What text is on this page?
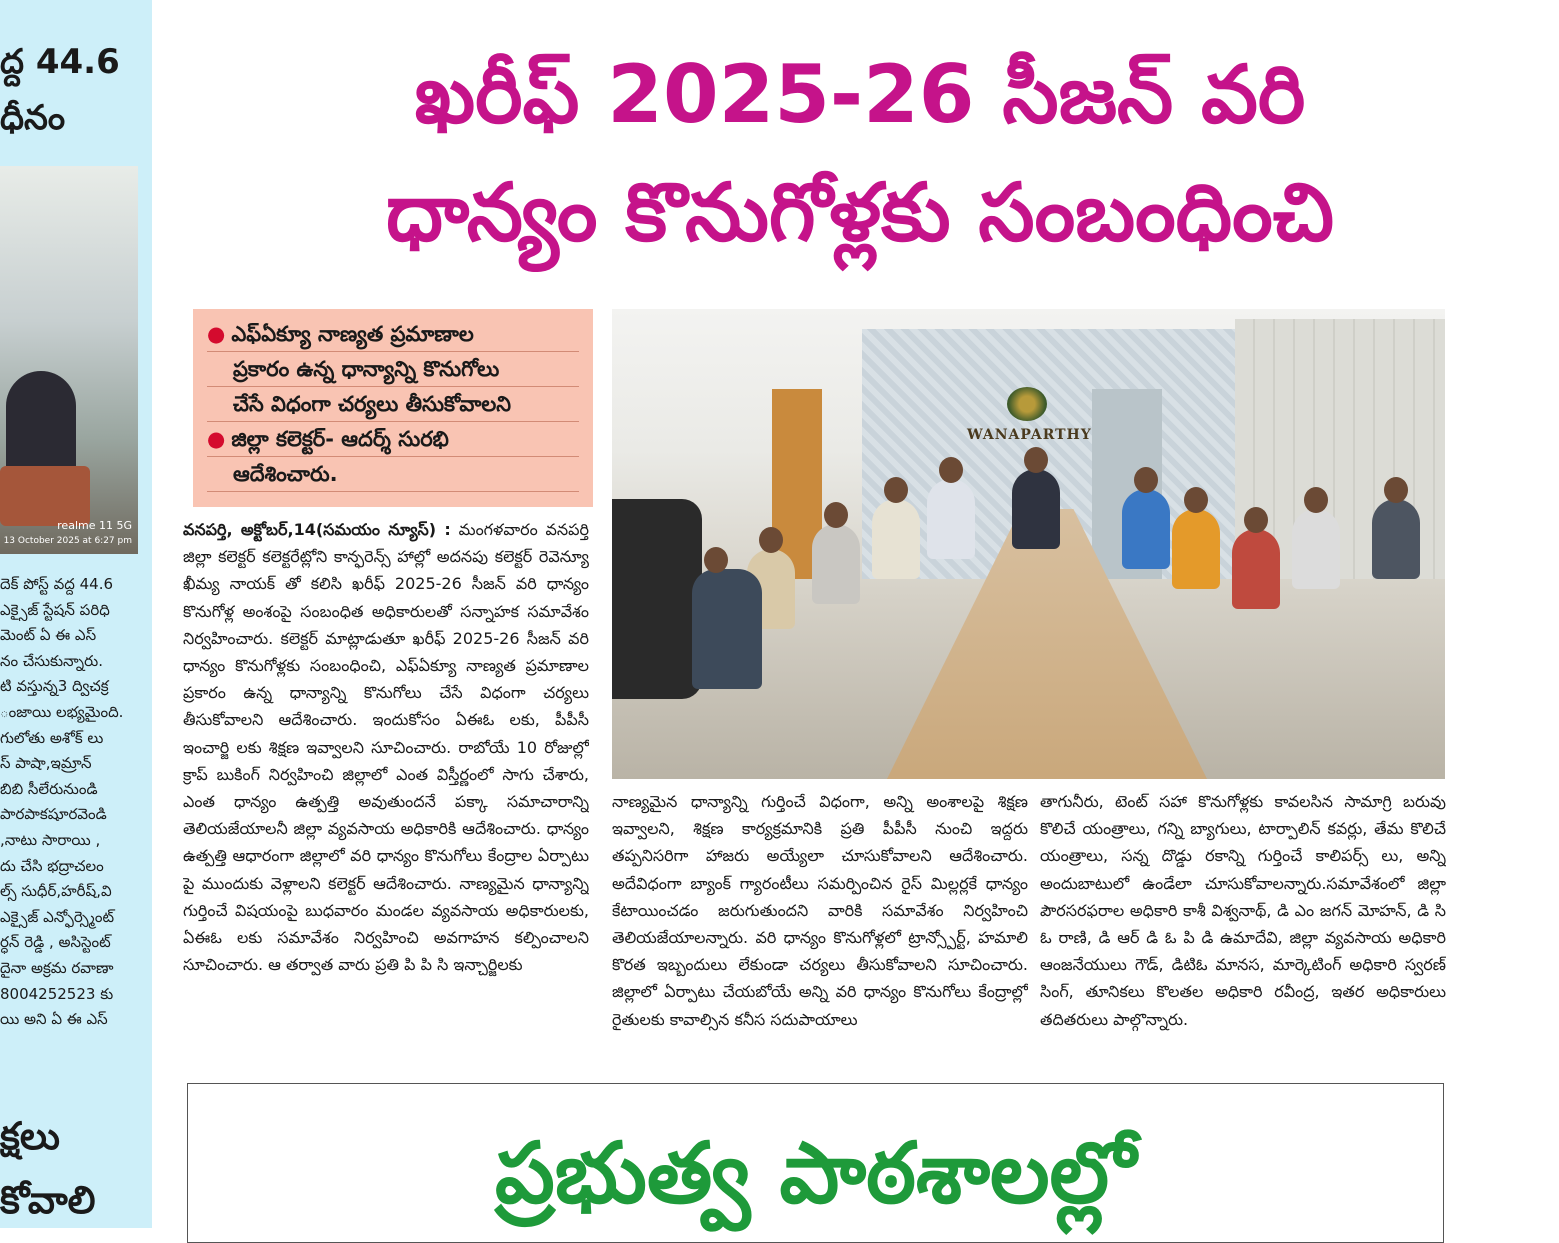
ద్ద 44.6
ధీనం
realme 11 5G
13 October 2025 at 6:27 pm
దెక్ పోస్ట్ వద్ద 44.6
ఎక్సైజ్ స్టేషన్ పరిధి
మెంట్ ఏ ఈ ఎస్
నం చేసుకున్నారు.
టి వస్తున్న3 ద్విచక్ర
ంజాయి లభ్యమైంది.
గులోతు అశోక్ లు
స్ పాషా,ఇమ్రాన్
బిబి సీలేరునుండి
పారపాకషూరవెండి
,నాటు సారాయి ,
దు చేసి భద్రాచలం
ల్స్ సుధీర్,హరీష్,వి
ఎక్సైజ్ ఎన్ఫోర్స్మెంట్
ర్ధన్ రెడ్డి , అసిస్టెంట్
దైనా అక్రమ రవాణా
8004252523 కు
యి అని ఏ ఈ ఎస్
క్షలు
కోవాలి
ఖరీఫ్ 2025-26 సీజన్ వరి
ధాన్యం కొనుగోళ్లకు సంబంధించి
● ఎఫ్ఏక్యూ నాణ్యత ప్రమాణాల
ప్రకారం ఉన్న ధాన్యాన్ని కొనుగోలు
చేసే విధంగా చర్యలు తీసుకోవాలని
● జిల్లా కలెక్టర్- ఆదర్శ్ సురభి
ఆదేశించారు.
వనపర్తి, అక్టోబర్,14(సమయం న్యూస్) : మంగళవారం వనపర్తి జిల్లా కలెక్టర్ కలెక్టరేట్లోని కాన్ఫరెన్స్ హాల్లో అదనపు కలెక్టర్ రెవెన్యూ ఖీమ్య నాయక్ తో కలిసి ఖరీఫ్ 2025-26 సీజన్ వరి ధాన్యం కొనుగోళ్ల అంశంపై సంబంధిత అధికారులతో సన్నాహక సమావేశం నిర్వహించారు. కలెక్టర్ మాట్లాడుతూ ఖరీఫ్ 2025-26 సీజన్ వరి ధాన్యం కొనుగోళ్లకు సంబంధించి, ఎఫ్ఏక్యూ నాణ్యత ప్రమాణాల ప్రకారం ఉన్న ధాన్యాన్ని కొనుగోలు చేసే విధంగా చర్యలు తీసుకోవాలని ఆదేశించారు. ఇందుకోసం ఏఈఓ లకు, పీపీసీ ఇంచార్జి లకు శిక్షణ ఇవ్వాలని సూచించారు. రాబోయే 10 రోజుల్లో క్రాప్ బుకింగ్ నిర్వహించి జిల్లాలో ఎంత విస్తీర్ణంలో సాగు చేశారు, ఎంత ధాన్యం ఉత్పత్తి అవుతుందనే పక్కా సమాచారాన్ని తెలియజేయాలనీ జిల్లా వ్యవసాయ అధికారికి ఆదేశించారు. ధాన్యం ఉత్పత్తి ఆధారంగా జిల్లాలో వరి ధాన్యం కొనుగోలు కేంద్రాల ఏర్పాటు పై ముందుకు వెళ్లాలని కలెక్టర్ ఆదేశించారు. నాణ్యమైన ధాన్యాన్ని గుర్తించే విషయంపై బుధవారం మండల వ్యవసాయ అధికారులకు, ఏఈఓ లకు సమావేశం నిర్వహించి అవగాహన కల్పించాలని సూచించారు. ఆ తర్వాత వారు ప్రతి పి పి సి ఇన్చార్జిలకు
WANAPARTHY
నాణ్యమైన ధాన్యాన్ని గుర్తించే విధంగా, అన్ని అంశాలపై శిక్షణ ఇవ్వాలని, శిక్షణ కార్యక్రమానికి ప్రతి పీపీసీ నుంచి ఇద్దరు తప్పనిసరిగా హాజరు అయ్యేలా చూసుకోవాలని ఆదేశించారు. అదేవిధంగా బ్యాంక్ గ్యారంటీలు సమర్పించిన రైస్ మిల్లర్లకే ధాన్యం కేటాయించడం జరుగుతుందని వారికి సమావేశం నిర్వహించి తెలియజేయాలన్నారు. వరి ధాన్యం కొనుగోళ్లలో ట్రాన్స్పోర్ట్, హమాలి కొరత ఇబ్బందులు లేకుండా చర్యలు తీసుకోవాలని సూచించారు. జిల్లాలో ఏర్పాటు చేయబోయే అన్ని వరి ధాన్యం కొనుగోలు కేంద్రాల్లో రైతులకు కావాల్సిన కనీస సదుపాయాలు
తాగునీరు, టెంట్ సహా కొనుగోళ్లకు కావలసిన సామాగ్రి బరువు కొలిచే యంత్రాలు, గన్ని బ్యాగులు, టార్పాలిన్ కవర్లు, తేమ కొలిచే యంత్రాలు, సన్న దొడ్డు రకాన్ని గుర్తించే కాలిపర్స్ లు, అన్ని అందుబాటులో ఉండేలా చూసుకోవాలన్నారు.సమావేశంలో జిల్లా పౌరసరఫరాల అధికారి కాశీ విశ్వనాథ్, డి ఎం జగన్ మోహన్, డి సి ఓ రాణి, డి ఆర్ డి ఓ పి డి ఉమాదేవి, జిల్లా వ్యవసాయ అధికారి ఆంజనేయులు గౌడ్, డిటిఓ మానస, మార్కెటింగ్ అధికారి స్వరణ్ సింగ్, తూనికలు కొలతల అధికారి రవీంద్ర, ఇతర అధికారులు తదితరులు పాల్గొన్నారు.
ప్రభుత్వ పాఠశాలల్లో
